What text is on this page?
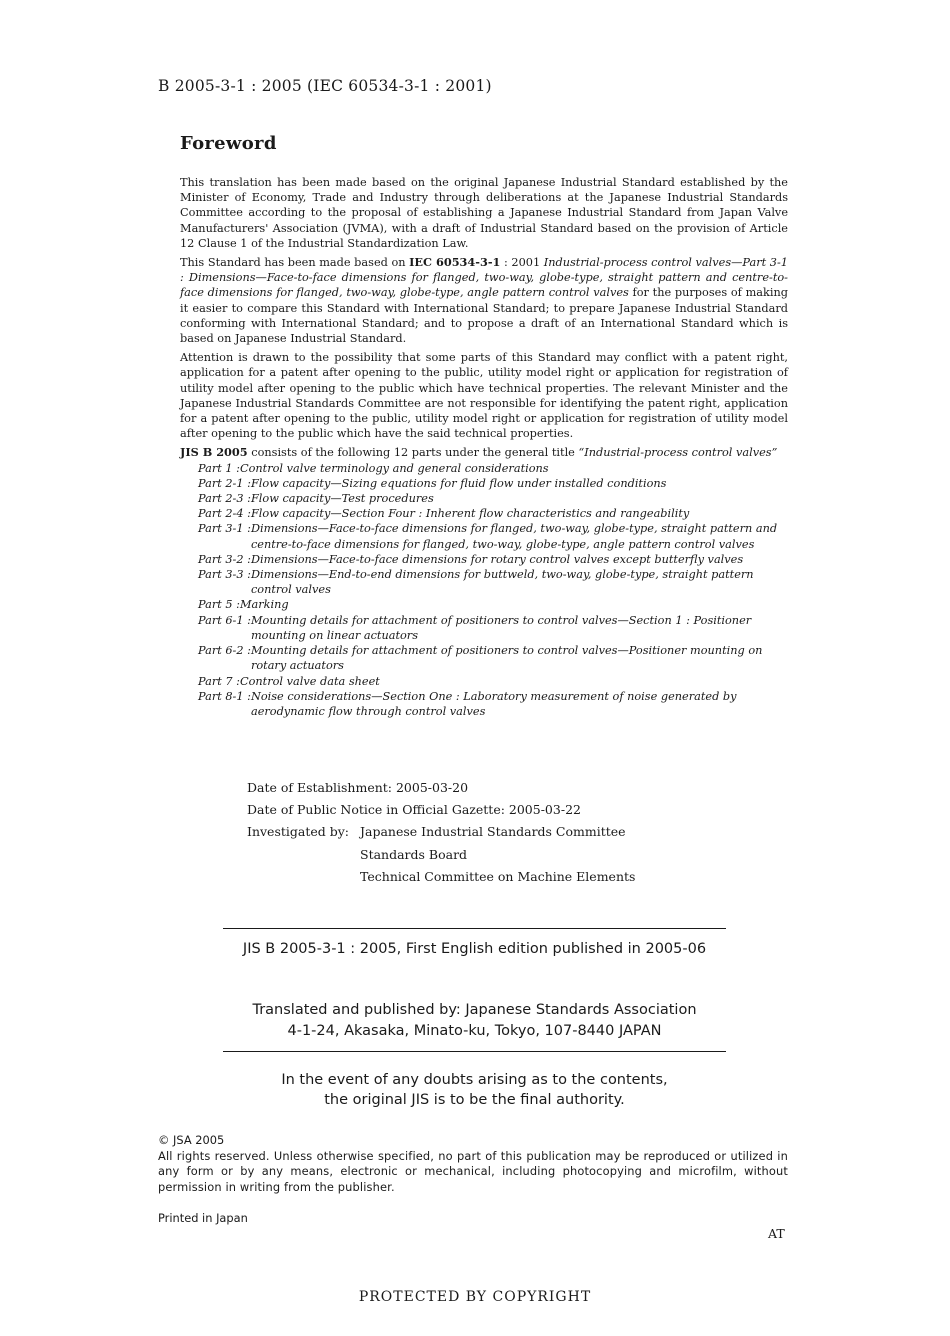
B 2005-3-1 : 2005 (IEC 60534-3-1 : 2001)
Foreword

This translation has been made based on the original Japanese Industrial Standard established by the Minister of Economy, Trade and Industry through deliberations at the Japanese Industrial Standards Committee according to the proposal of establishing a Japanese Industrial Standard from Japan Valve Manufacturers' Association (JVMA), with a draft of Industrial Standard based on the provision of Article 12 Clause 1 of the Industrial Standardization Law.

This Standard has been made based on IEC 60534-3-1 : 2001 Industrial-process control valves—Part 3-1 : Dimensions—Face-to-face dimensions for flanged, two-way, globe-type, straight pattern and centre-to-face dimensions for flanged, two-way, globe-type, angle pattern control valves for the purposes of making it easier to compare this Standard with International Standard; to prepare Japanese Industrial Standard conforming with International Standard; and to propose a draft of an International Standard which is based on Japanese Industrial Standard.

Attention is drawn to the possibility that some parts of this Standard may conflict with a patent right, application for a patent after opening to the public, utility model right or application for registration of utility model after opening to the public which have technical properties. The relevant Minister and the Japanese Industrial Standards Committee are not responsible for identifying the patent right, application for a patent after opening to the public, utility model right or application for registration of utility model after opening to the public which have the said technical properties.

JIS B 2005 consists of the following 12 parts under the general title “Industrial-process control valves”

Part 1 : Control valve terminology and general considerations
Part 2-1 : Flow capacity—Sizing equations for fluid flow under installed conditions
Part 2-3 : Flow capacity—Test procedures
Part 2-4 : Flow capacity—Section Four : Inherent flow characteristics and rangeability
Part 3-1 : Dimensions—Face-to-face dimensions for flanged, two-way, globe-type, straight pattern and centre-to-face dimensions for flanged, two-way, globe-type, angle pattern control valves
Part 3-2 : Dimensions—Face-to-face dimensions for rotary control valves except butterfly valves
Part 3-3 : Dimensions—End-to-end dimensions for buttweld, two-way, globe-type, straight pattern control valves
Part 5 : Marking
Part 6-1 : Mounting details for attachment of positioners to control valves—Section 1 : Positioner mounting on linear actuators
Part 6-2 : Mounting details for attachment of positioners to control valves—Positioner mounting on rotary actuators
Part 7 : Control valve data sheet
Part 8-1 : Noise considerations—Section One : Laboratory measurement of noise generated by aerodynamic flow through control valves
Date of Establishment: 2005-03-20
Date of Public Notice in Official Gazette: 2005-03-22
Investigated by: Japanese Industrial Standards Committee
Standards Board
Technical Committee on Machine Elements
JIS B 2005-3-1 : 2005, First English edition published in 2005-06
Translated and published by: Japanese Standards Association
4-1-24, Akasaka, Minato-ku, Tokyo, 107-8440 JAPAN
In the event of any doubts arising as to the contents,
the original JIS is to be the final authority.
© JSA 2005
All rights reserved. Unless otherwise specified, no part of this publication may be reproduced or utilized in any form or by any means, electronic or mechanical, including photocopying and microfilm, without permission in writing from the publisher.
Printed in Japan
AT
PROTECTED BY COPYRIGHT
